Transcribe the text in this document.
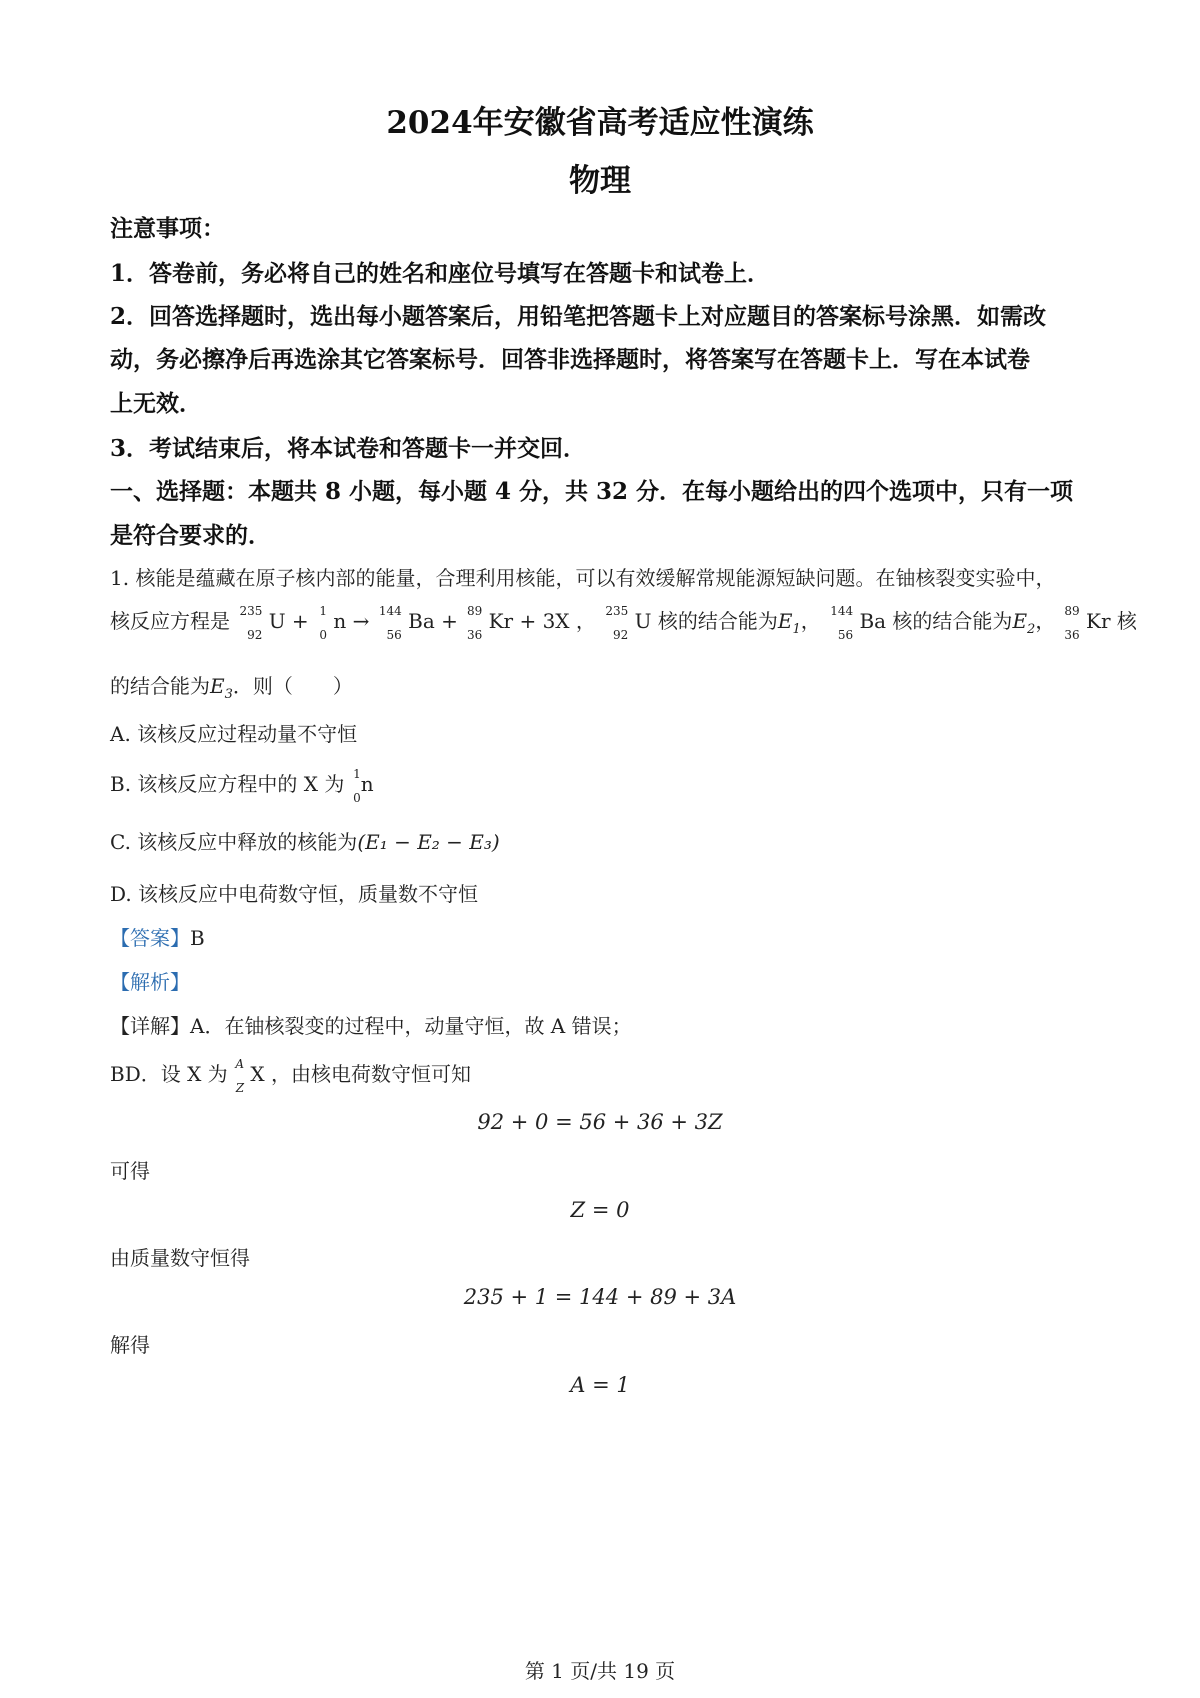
2024年安徽省高考适应性演练
物理
注意事项：
1．答卷前，务必将自己的姓名和座位号填写在答题卡和试卷上．
2．回答选择题时，选出每小题答案后，用铅笔把答题卡上对应题目的答案标号涂黑．如需改
动，务必擦净后再选涂其它答案标号．回答非选择题时，将答案写在答题卡上．写在本试卷
上无效．
3．考试结束后，将本试卷和答题卡一并交回．
一、选择题：本题共 8 小题，每小题 4 分，共 32 分．在每小题给出的四个选项中，只有一项
是符合要求的．
1. 核能是蕴藏在原子核内部的能量，合理利用核能，可以有效缓解常规能源短缺问题。在铀核裂变实验中，
核反应方程是 235
92
U + 1
0
n → 144
56
Ba + 89
36
Kr + 3X ， 235
92
U 核的结合能为$E_1$， 144
56
Ba 核的结合能为$E_2$， 89
36
Kr 核
的结合能为$E_3$．则（　　）
A. 该核反应过程动量不守恒
B. 该核反应方程中的 X 为 1
0
n
C. 该核反应中释放的核能为(E₁ − E₂ − E₃)
D. 该核反应中电荷数守恒，质量数不守恒
【答案】B
【解析】
【详解】A．在铀核裂变的过程中，动量守恒，故 A 错误；
BD．设 X 为 A
Z
X ，由核电荷数守恒可知
92 + 0 = 56 + 36 + 3Z
可得
Z = 0
由质量数守恒得
235 + 1 = 144 + 89 + 3A
解得
A = 1
第 1 页/共 19 页
